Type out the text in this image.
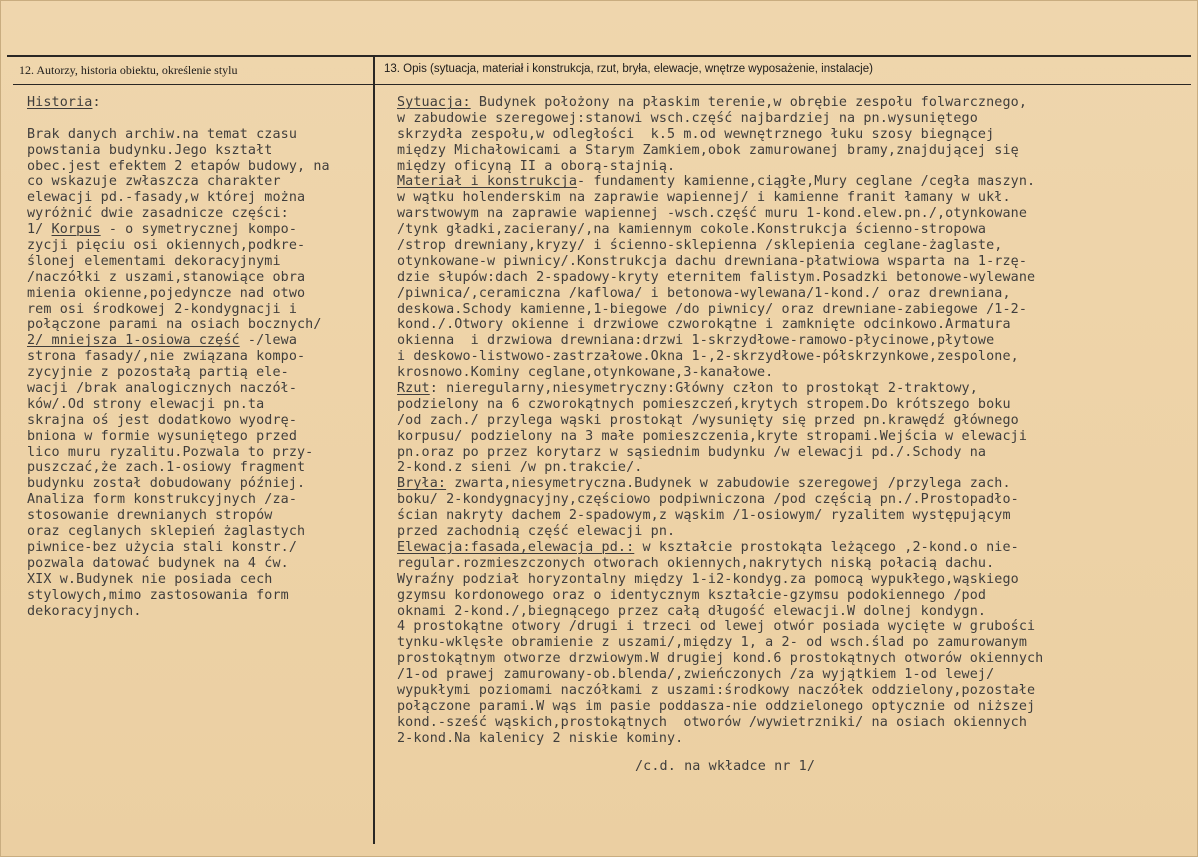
12. Autorzy, historia obiektu, określenie stylu	13. Opis (sytuacja, materiał i konstrukcja, rzut, bryła, elewacje, wnętrze wyposażenie, instalacje)
Historia:
Brak danych archiw.na temat czasu
powstania budynku.Jego kształt
obec.jest efektem 2 etapów budowy, na
co wskazuje zwłaszcza charakter
elewacji pd.-fasady,w której można
wyróżnić dwie zasadnicze części:
1/ Korpus - o symetrycznej kompo-
zycji pięciu osi okiennych,podkre-
ślonej elementami dekoracyjnymi
/naczółki z uszami,stanowiące obra
mienia okienne,pojedyncze nad otwo
rem osi środkowej 2-kondygnacji i
połączone parami na osiach bocznych/
2/ mniejsza 1-osiowa część -/lewa
strona fasady/,nie związana kompo-
zycyjnie z pozostałą partią ele-
wacji /brak analogicznych naczół-
ków/.Od strony elewacji pn.ta
skrajna oś jest dodatkowo wyodrę-
bniona w formie wysuniętego przed
lico muru ryzalitu.Pozwala to przy-
puszczać,że zach.1-osiowy fragment
budynku został dobudowany później.
Analiza form konstrukcyjnych /za-
stosowanie drewnianych stropów
oraz ceglanych sklepień żaglastych
piwnice-bez użycia stali konstr./
pozwala datować budynek na 4 ćw.
XIX w.Budynek nie posiada cech
stylowych,mimo zastosowania form
dekoracyjnych.
Sytuacja: Budynek położony na płaskim terenie,w obrębie zespołu folwarcznego,
w zabudowie szeregowej:stanowi wsch.część najbardziej na pn.wysuniętego
skrzydła zespołu,w odległości  k.5 m.od wewnętrznego łuku szosy biegnącej
między Michałowicami a Starym Zamkiem,obok zamurowanej bramy,znajdującej się
między oficyną II a oborą-stajnią.
Materiał i konstrukcja- fundamenty kamienne,ciągłe,Mury ceglane /cegła maszyn.
w wątku holenderskim na zaprawie wapiennej/ i kamienne franit łamany w ukł.
warstwowym na zaprawie wapiennej -wsch.część muru 1-kond.elew.pn./,otynkowane
/tynk gładki,zacierany/,na kamiennym cokole.Konstrukcja ścienno-stropowa
/strop drewniany,kryzy/ i ścienno-sklepienna /sklepienia ceglane-żaglaste,
otynkowane-w piwnicy/.Konstrukcja dachu drewniana-płatwiowa wsparta na 1-rzę-
dzie słupów:dach 2-spadowy-kryty eternitem falistym.Posadzki betonowe-wylewane
/piwnica/,ceramiczna /kaflowa/ i betonowa-wylewana/1-kond./ oraz drewniana,
deskowa.Schody kamienne,1-biegowe /do piwnicy/ oraz drewniane-zabiegowe /1-2-
kond./.Otwory okienne i drzwiowe czworokątne i zamknięte odcinkowo.Armatura
okienna  i drzwiowa drewniana:drzwi 1-skrzydłowe-ramowo-płycinowe,płytowe
i deskowo-listwowo-zastrzałowe.Okna 1-,2-skrzydłowe-półskrzynkowe,zespolone,
krosnowo.Kominy ceglane,otynkowane,3-kanałowe.
Rzut: nieregularny,niesymetryczny:Główny człon to prostokąt 2-traktowy,
podzielony na 6 czworokątnych pomieszczeń,krytych stropem.Do krótszego boku
/od zach./ przylega wąski prostokąt /wysunięty się przed pn.krawędź głównego
korpusu/ podzielony na 3 małe pomieszczenia,kryte stropami.Wejścia w elewacji
pn.oraz po przez korytarz w sąsiednim budynku /w elewacji pd./.Schody na
2-kond.z sieni /w pn.trakcie/.
Bryła: zwarta,niesymetryczna.Budynek w zabudowie szeregowej /przylega zach.
boku/ 2-kondygnacyjny,częściowo podpiwniczona /pod częścią pn./.Prostopadło-
ścian nakryty dachem 2-spadowym,z wąskim /1-osiowym/ ryzalitem występującym
przed zachodnią część elewacji pn.
Elewacja:fasada,elewacja pd.: w kształcie prostokąta leżącego ,2-kond.o nie-
regular.rozmieszczonych otworach okiennych,nakrytych niską połacią dachu.
Wyraźny podział horyzontalny między 1-i2-kondyg.za pomocą wypukłego,wąskiego
gzymsu kordonowego oraz o identycznym kształcie-gzymsu podokiennego /pod
oknami 2-kond./,biegnącego przez całą długość elewacji.W dolnej kondygn.
4 prostokątne otwory /drugi i trzeci od lewej otwór posiada wycięte w grubości
tynku-wklęsłe obramienie z uszami/,między 1, a 2- od wsch.ślad po zamurowanym
prostokątnym otworze drzwiowym.W drugiej kond.6 prostokątnych otworów okiennych
/1-od prawej zamurowany-ob.blenda/,zwieńczonych /za wyjątkiem 1-od lewej/
wypukłymi poziomami naczółkami z uszami:środkowy naczółek oddzielony,pozostałe
połączone parami.W wąs im pasie poddasza-nie oddzielonego optycznie od niższej
kond.-sześć wąskich,prostokątnych  otworów /wywietrzniki/ na osiach okiennych
2-kond.Na kalenicy 2 niskie kominy.
/c.d. na wkładce nr 1/
